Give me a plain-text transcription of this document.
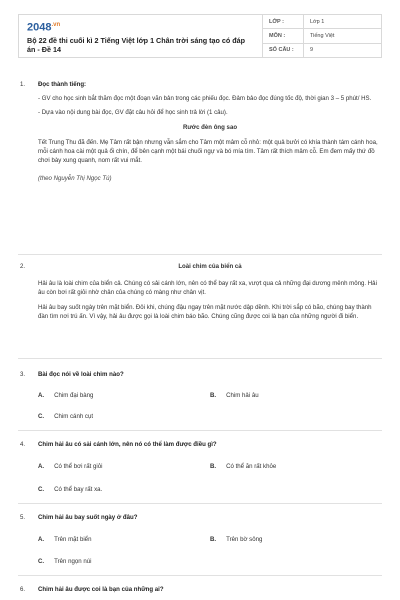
$2048^{.vn}$
Bộ 22 đề thi cuối kì 2 Tiếng Việt lớp 1 Chân trời sáng tạo có đáp án - Đề 14
LỚP :	Lớp 1
MÔN :	Tiếng Việt
SỐ CÂU :	9
1. Đọc thành tiếng:

- GV cho học sinh bắt thăm đọc một đoạn văn bản trong các phiếu đọc. Đảm bảo đọc đúng tốc độ, thời gian 3 – 5 phút/ HS.

- Dựa vào nội dung bài đọc, GV đặt câu hỏi để học sinh trả lời (1 câu).

Rước đèn ông sao

Tết Trung Thu đã đến. Mẹ Tâm rất bận nhưng vẫn sắm cho Tâm một mâm cỗ nhỏ: một quả bưởi có khía thành tám cánh hoa, mỗi cánh hoa cài một quả ổi chín, để bên cạnh một bái chuối ngự và bó mía tím. Tâm rất thích mâm cỗ. Em đem mấy thứ đồ chơi bày xung quanh, nom rất vui mắt.

(theo Nguyễn Thị Ngọc Tú)

2.	Loài chim của biển cả

Hải âu là loài chim của biển cả. Chúng có sải cánh lớn, nên có thể bay rất xa, vượt qua cả những đại dương mênh mông. Hải âu còn bơi rất giỏi nhờ chân của chúng có màng như chân vịt.

Hải âu bay suốt ngày trên mặt biển. Đôi khi, chúng đậu ngay trên mặt nước dập dềnh. Khi trời sắp có bão, chúng bay thành đàn tìm nơi trú ấn. Vì vậy, hải âu được gọi là loài chim báo bão. Chúng cũng được coi là bạn của những người đi biển.

3. Bài đọc nói về loài chim nào?
A. Chim đại bàng	B. Chim hải âu
C. Chim cánh cụt
4. Chim hải âu có sải cánh lớn, nên nó có thể làm được điều gì?
A. Có thể bơi rất giỏi	B. Có thể ăn rất khỏe
C. Có thể bay rất xa.
5. Chim hải âu bay suốt ngày ở đâu?
A. Trên mặt biển	B. Trên bờ sông
C. Trên ngọn núi
6. Chim hải âu được coi là bạn của những ai?
